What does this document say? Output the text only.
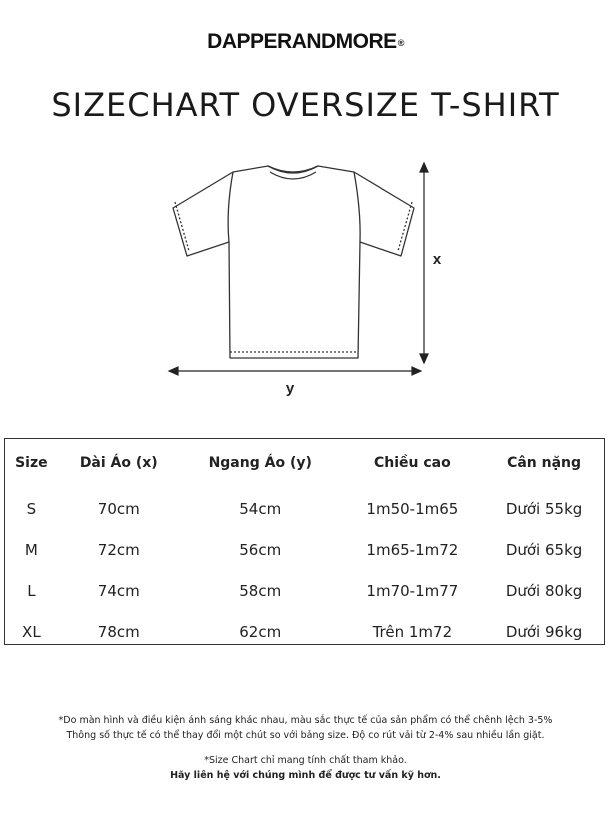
DAPPERANDMORE®
SIZECHART OVERSIZE T-SHIRT
x
y
Size	Dài Áo (x)	Ngang Áo (y)	Chiều cao	Cân nặng
S	70cm	54cm	1m50-1m65	Dưới 55kg
M	72cm	56cm	1m65-1m72	Dưới 65kg
L	74cm	58cm	1m70-1m77	Dưới 80kg
XL	78cm	62cm	Trên 1m72	Dưới 96kg
*Do màn hình và điều kiện ánh sáng khác nhau, màu sắc thực tế của sản phẩm có thể chênh lệch 3-5%
Thông số thực tế có thể thay đổi một chút so với bảng size. Độ co rút vải từ 2-4% sau nhiều lần giặt.
*Size Chart chỉ mang tính chất tham khảo.
Hãy liên hệ với chúng mình để được tư vấn kỹ hơn.
